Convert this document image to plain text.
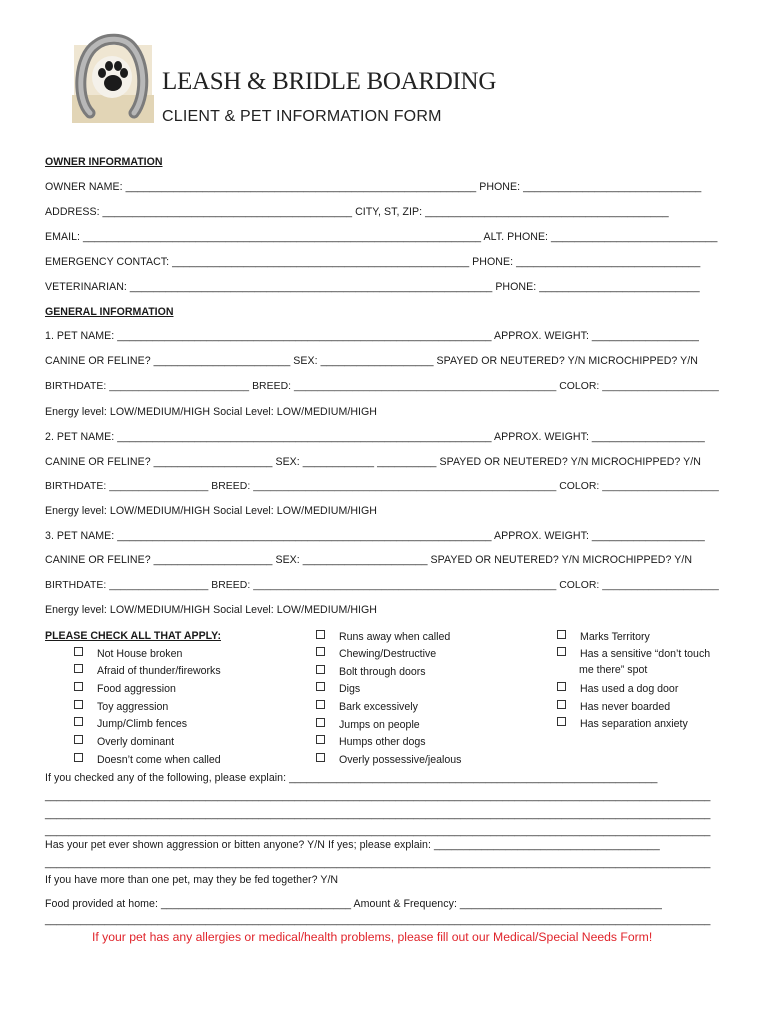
LEASH & BRIDLE BOARDING
CLIENT & PET INFORMATION FORM
OWNER INFORMATION
OWNER NAME: ___________________________________________________________ PHONE: ______________________________
ADDRESS: __________________________________________ CITY, ST, ZIP: _________________________________________
EMAIL: ___________________________________________________________________ ALT. PHONE: ____________________________
EMERGENCY CONTACT: __________________________________________________ PHONE: _______________________________
VETERINARIAN: _____________________________________________________________ PHONE: ___________________________
GENERAL INFORMATION
1. PET NAME: _______________________________________________________________ APPROX. WEIGHT: __________________
CANINE OR FELINE? _______________________ SEX: ___________________ SPAYED OR NEUTERED? Y/N MICROCHIPPED? Y/N
BIRTHDATE: ________________________ BREED: _____________________________________________ COLOR: ____________________
Energy level: LOW/MEDIUM/HIGH Social Level: LOW/MEDIUM/HIGH
2. PET NAME: _______________________________________________________________ APPROX. WEIGHT: ___________________
CANINE OR FELINE? ____________________ SEX: ____________ __________ SPAYED OR NEUTERED? Y/N MICROCHIPPED? Y/N
BIRTHDATE: _________________ BREED: ____________________________________________________ COLOR: ____________________
Energy level: LOW/MEDIUM/HIGH Social Level: LOW/MEDIUM/HIGH
3. PET NAME: _______________________________________________________________ APPROX. WEIGHT: ___________________
CANINE OR FELINE? ____________________ SEX: _____________________ SPAYED OR NEUTERED? Y/N MICROCHIPPED? Y/N
BIRTHDATE: _________________ BREED: ____________________________________________________ COLOR: ____________________
Energy level: LOW/MEDIUM/HIGH Social Level: LOW/MEDIUM/HIGH
PLEASE CHECK ALL THAT APPLY:
Not House broken
Afraid of thunder/fireworks
Food aggression
Toy aggression
Jump/Climb fences
Overly dominant
Doesn’t come when called
Runs away when called
Chewing/Destructive
Bolt through doors
Digs
Bark excessively
Jumps on people
Humps other dogs
Overly possessive/jealous
Marks Territory
Has a sensitive “don’t touch
me there” spot
Has used a dog door
Has never boarded
Has separation anxiety
If you checked any of the following, please explain: ______________________________________________________________
________________________________________________________________________________________________________________
________________________________________________________________________________________________________________
________________________________________________________________________________________________________________
Has your pet ever shown aggression or bitten anyone? Y/N If yes; please explain: ______________________________________
________________________________________________________________________________________________________________
If you have more than one pet, may they be fed together? Y/N
Food provided at home: ________________________________ Amount & Frequency: __________________________________
________________________________________________________________________________________________________________
If your pet has any allergies or medical/health problems, please fill out our Medical/Special Needs Form!
